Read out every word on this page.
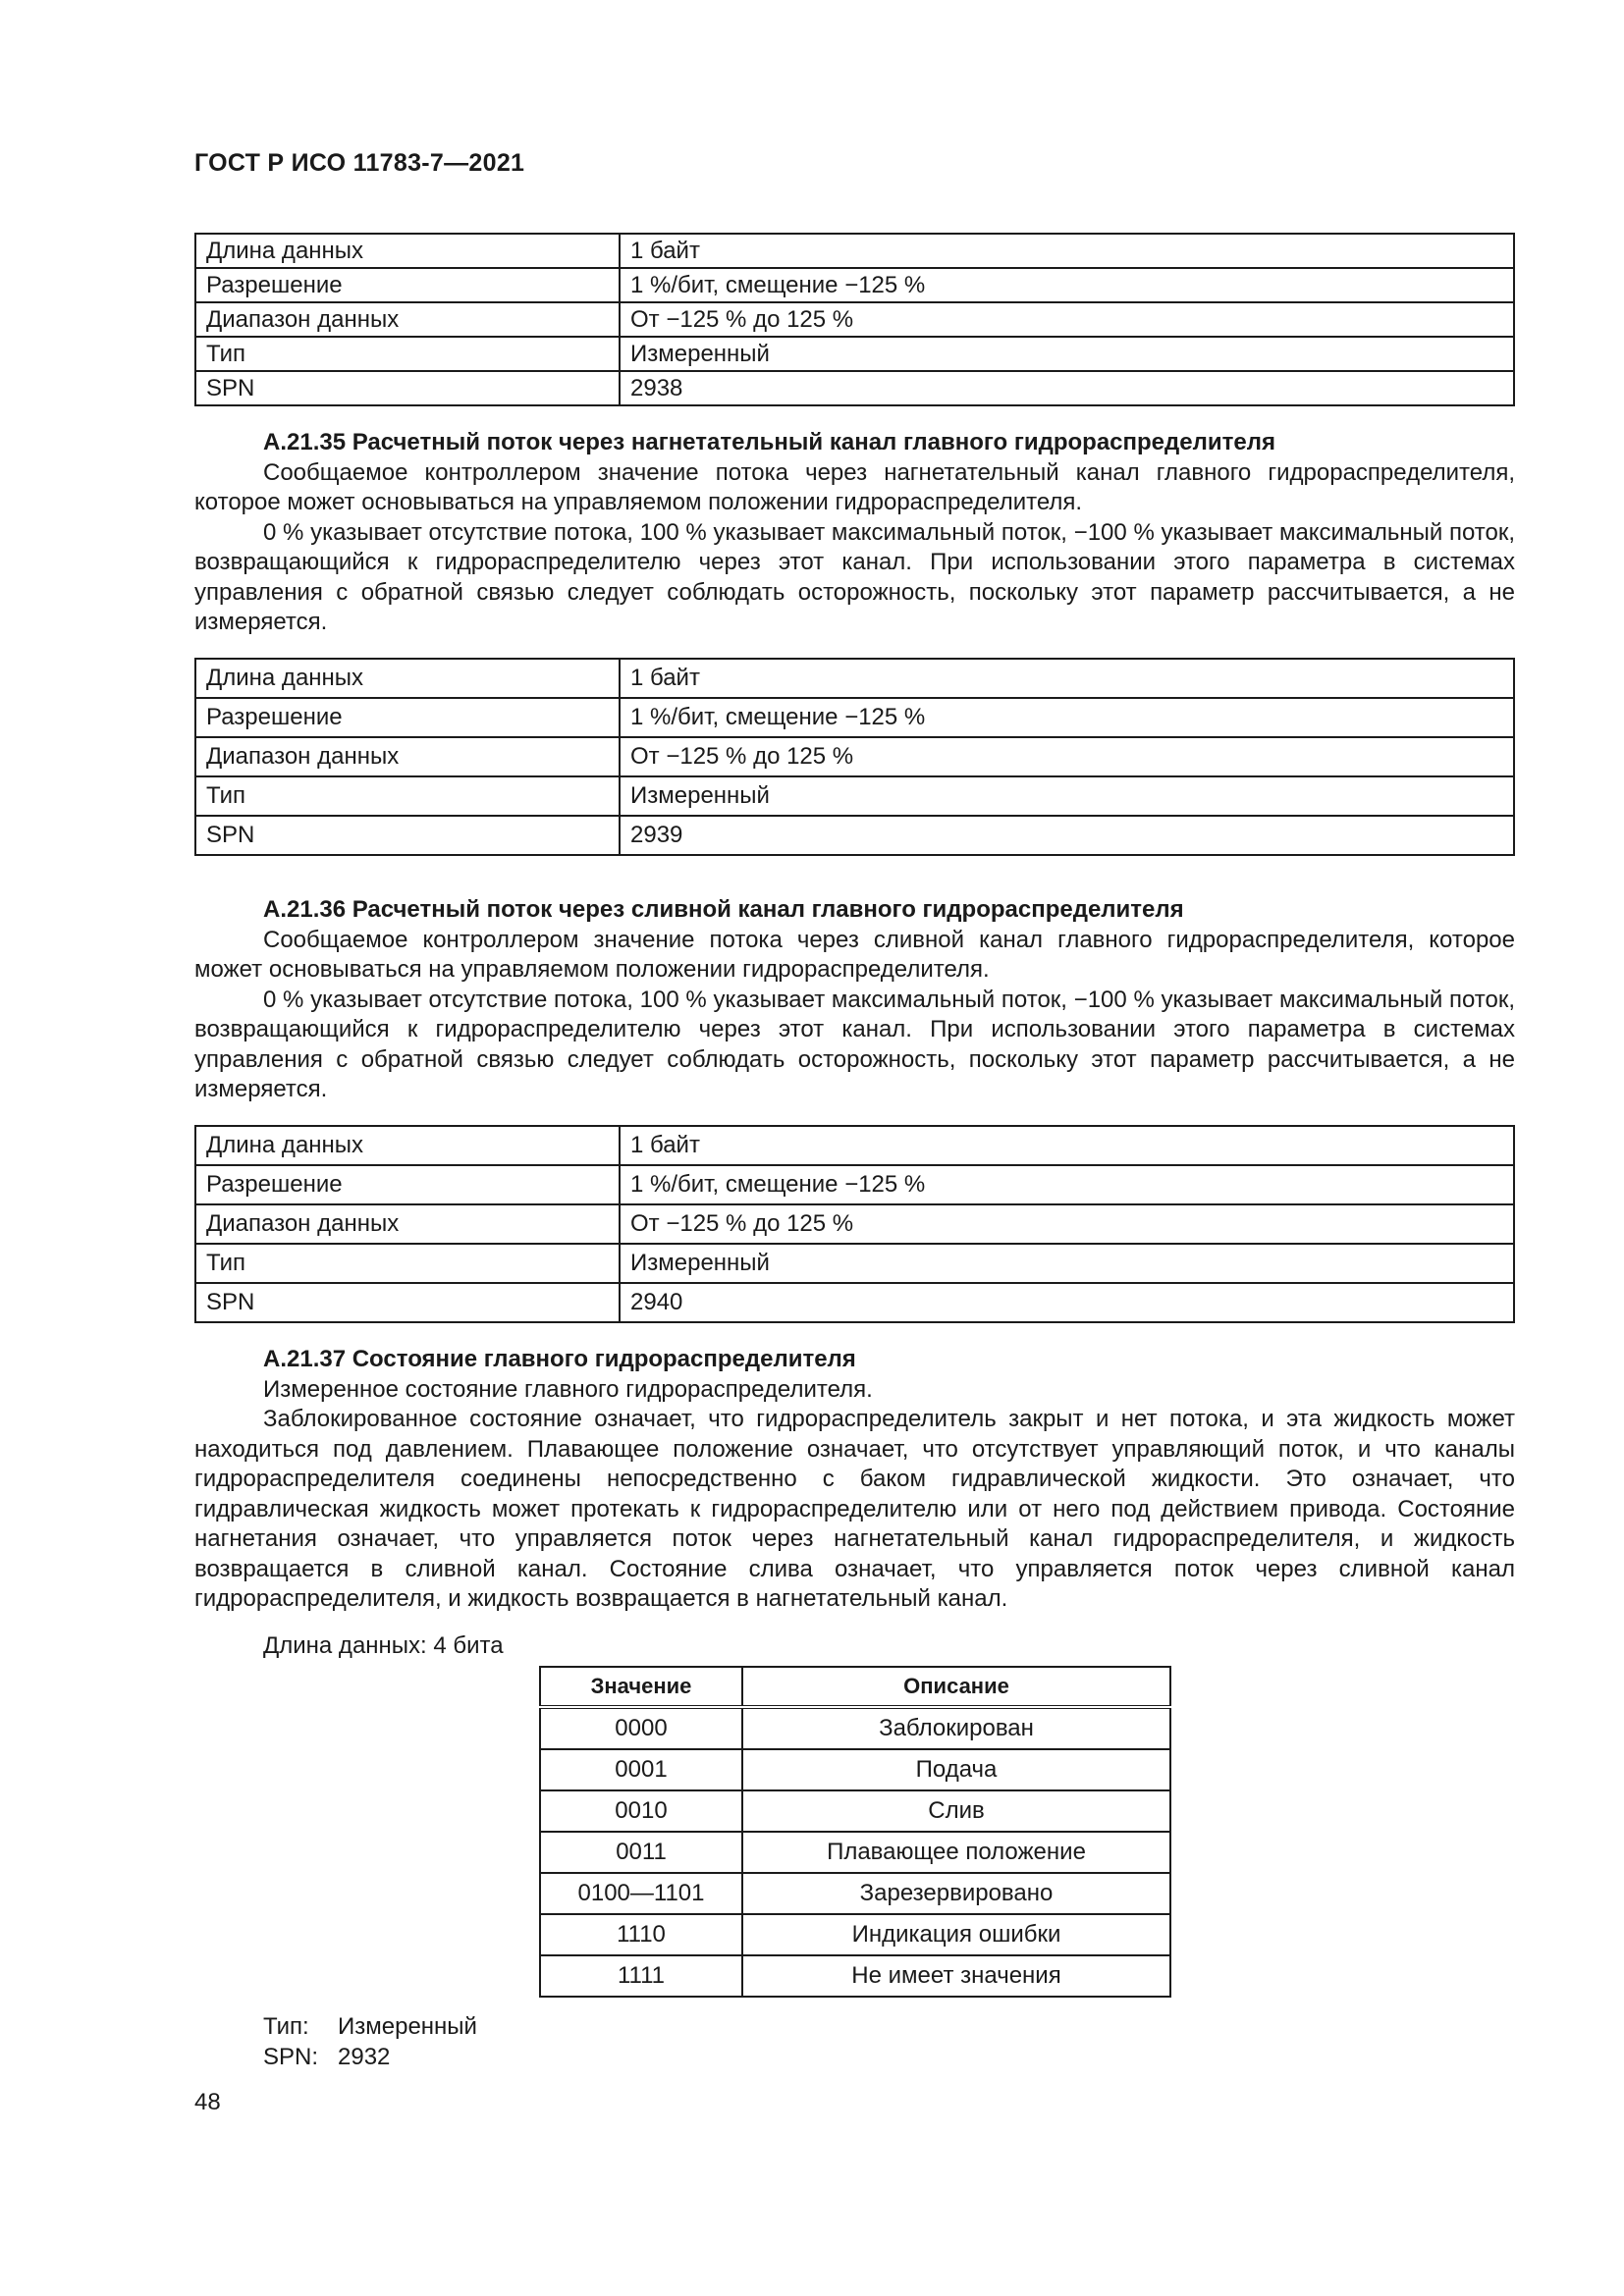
ГОСТ Р ИСО 11783-7—2021
Длина данных	1 байт
Разрешение	1 %/бит, смещение −125 %
Диапазон данных	От −125 % до 125 %
Тип	Измеренный
SPN	2938
А.21.35 Расчетный поток через нагнетательный канал главного гидрораспределителя

Сообщаемое контроллером значение потока через нагнетательный канал главного гидрораспределителя, которое может основываться на управляемом положении гидрораспределителя.

0 % указывает отсутствие потока, 100 % указывает максимальный поток, −100 % указывает максимальный поток, возвращающийся к гидрораспределителю через этот канал. При использовании этого параметра в системах управления с обратной связью следует соблюдать осторожность, поскольку этот параметр рассчитывается, а не измеряется.

Длина данных	1 байт
Разрешение	1 %/бит, смещение −125 %
Диапазон данных	От −125 % до 125 %
Тип	Измеренный
SPN	2939
А.21.36 Расчетный поток через сливной канал главного гидрораспределителя

Сообщаемое контроллером значение потока через сливной канал главного гидрораспределителя, которое может основываться на управляемом положении гидрораспределителя.

0 % указывает отсутствие потока, 100 % указывает максимальный поток, −100 % указывает максимальный поток, возвращающийся к гидрораспределителю через этот канал. При использовании этого параметра в системах управления с обратной связью следует соблюдать осторожность, поскольку этот параметр рассчитывается, а не измеряется.

Длина данных	1 байт
Разрешение	1 %/бит, смещение −125 %
Диапазон данных	От −125 % до 125 %
Тип	Измеренный
SPN	2940
А.21.37 Состояние главного гидрораспределителя

Измеренное состояние главного гидрораспределителя.

Заблокированное состояние означает, что гидрораспределитель закрыт и нет потока, и эта жидкость может находиться под давлением. Плавающее положение означает, что отсутствует управляющий поток, и что каналы гидрораспределителя соединены непосредственно с баком гидравлической жидкости. Это означает, что гидравлическая жидкость может протекать к гидрораспределителю или от него под действием привода. Состояние нагнетания означает, что управляется поток через нагнетательный канал гидрораспределителя, и жидкость возвращается в сливной канал. Состояние слива означает, что управляется поток через сливной канал гидрораспределителя, и жидкость возвращается в нагнетательный канал.

Длина данных: 4 бита
Значение	Описание
0000	Заблокирован
0001	Подача
0010	Слив
0011	Плавающее положение
0100—1101	Зарезервировано
1110	Индикация ошибки
1111	Не имеет значения
Тип: Измеренный
SPN: 2932
48
